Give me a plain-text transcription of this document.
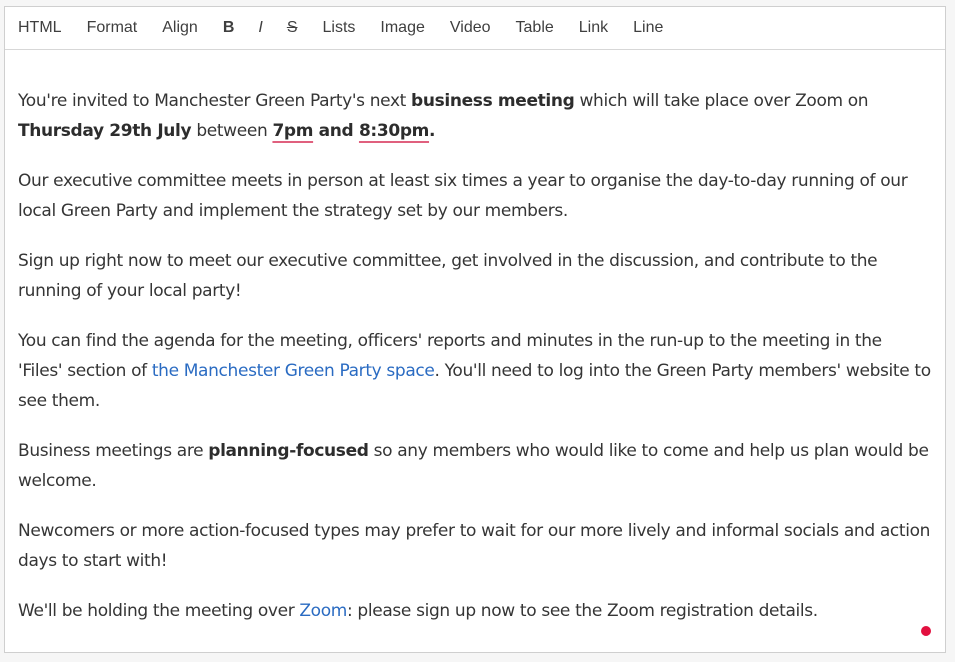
HTML Format Align B I S Lists Image Video Table Link Line

You're invited to Manchester Green Party's next business meeting which will take place over Zoom on Thursday 29th July between 7pm and 8:30pm.

Our executive committee meets in person at least six times a year to organise the day-to-day running of our local Green Party and implement the strategy set by our members.

Sign up right now to meet our executive committee, get involved in the discussion, and contribute to the running of your local party!

You can find the agenda for the meeting, officers' reports and minutes in the run-up to the meeting in the 'Files' section of the Manchester Green Party space. You'll need to log into the Green Party members' website to see them.

Business meetings are planning-focused so any members who would like to come and help us plan would be welcome.

Newcomers or more action-focused types may prefer to wait for our more lively and informal socials and action days to start with!

We'll be holding the meeting over Zoom: please sign up now to see the Zoom registration details.
